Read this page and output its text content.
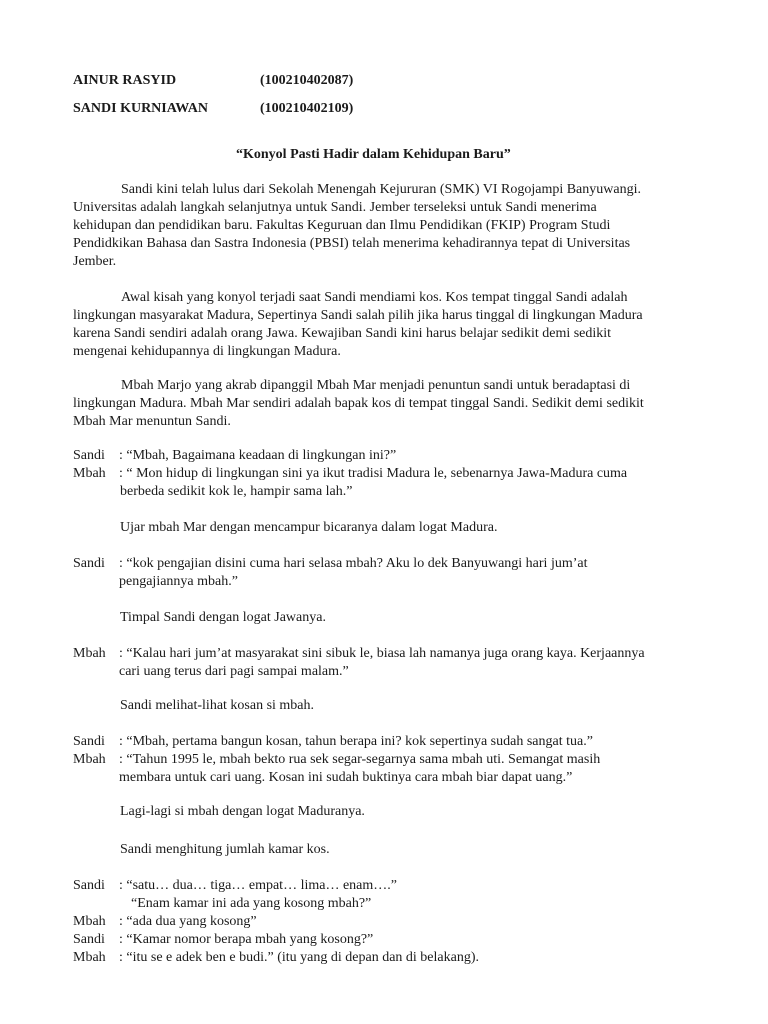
AINUR RASYID	(100210402087)
SANDI KURNIAWAN	(100210402109)
“Konyol Pasti Hadir dalam Kehidupan Baru”
Sandi kini telah lulus dari Sekolah Menengah Kejururan (SMK) VI Rogojampi Banyuwangi.
Universitas adalah langkah selanjutnya untuk Sandi. Jember terseleksi untuk Sandi menerima
kehidupan dan pendidikan baru. Fakultas Keguruan dan Ilmu Pendidikan (FKIP) Program Studi
Pendidkikan Bahasa dan Sastra Indonesia (PBSI) telah menerima kehadirannya tepat di Universitas
Jember.
Awal kisah yang konyol terjadi saat Sandi mendiami kos. Kos tempat tinggal Sandi adalah
lingkungan masyarakat Madura, Sepertinya Sandi salah pilih jika harus tinggal di lingkungan Madura
karena Sandi sendiri adalah orang Jawa. Kewajiban Sandi kini harus belajar sedikit demi sedikit
mengenai kehidupannya di lingkungan Madura.
Mbah Marjo yang akrab dipanggil Mbah Mar menjadi penuntun sandi untuk beradaptasi di
lingkungan Madura. Mbah Mar sendiri adalah bapak kos di tempat tinggal Sandi. Sedikit demi sedikit
Mbah Mar menuntun Sandi.
Sandi	: “Mbah, Bagaimana keadaan di lingkungan ini?”
Mbah : “ Mon hidup di lingkungan sini ya ikut tradisi Madura le, sebenarnya Jawa-Madura cuma
berbeda sedikit kok le, hampir sama lah.”
Ujar mbah Mar dengan mencampur bicaranya dalam logat Madura.
Sandi	: “kok pengajian disini cuma hari selasa mbah? Aku lo dek Banyuwangi hari jum’at
pengajiannya mbah.”
Timpal Sandi dengan logat Jawanya.
Mbah : “Kalau hari jum’at masyarakat sini sibuk le, biasa lah namanya juga orang kaya. Kerjaannya
cari uang terus dari pagi sampai malam.”
Sandi melihat-lihat kosan si mbah.
Sandi	: “Mbah, pertama bangun kosan, tahun berapa ini? kok sepertinya sudah sangat tua.”
Mbah : “Tahun 1995 le, mbah bekto rua sek segar-segarnya sama mbah uti. Semangat masih
membara untuk cari uang. Kosan ini sudah buktinya cara mbah biar dapat uang.”
Lagi-lagi si mbah dengan logat Maduranya.
Sandi menghitung jumlah kamar kos.
Sandi	: “satu… dua… tiga… empat… lima… enam….”
“Enam kamar ini ada yang kosong mbah?”
Mbah : “ada dua yang kosong”
Sandi	: “Kamar nomor berapa mbah yang kosong?”
Mbah : “itu se e adek ben e budi.” (itu yang di depan dan di belakang).
